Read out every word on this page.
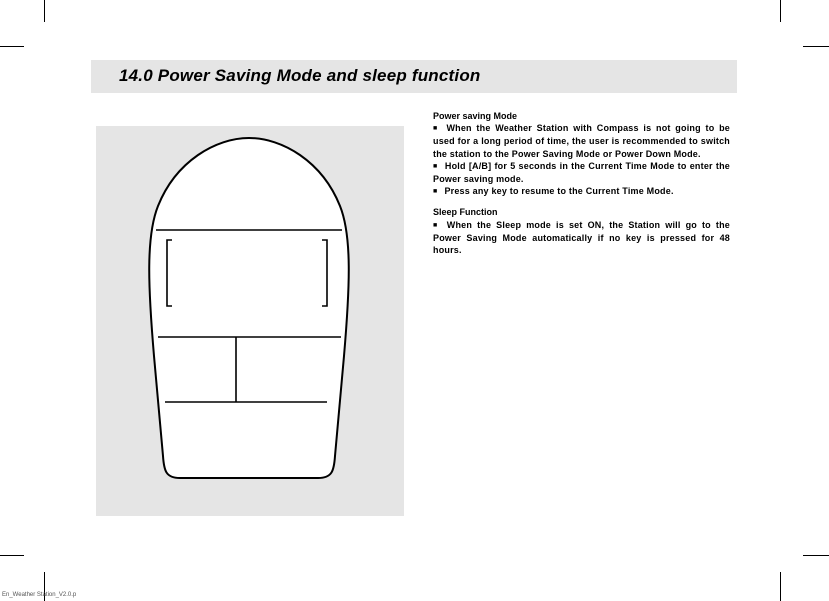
14.0 Power Saving Mode and sleep function

Power saving Mode

■ When the Weather Station with Compass is not going to be used for a long period of time, the user is recommended to switch the station to the Power Saving Mode or Power Down Mode.

■ Hold [A/B] for 5 seconds in the Current Time Mode to enter the Power saving mode.

■ Press any key to resume to the Current Time Mode.

Sleep Function

■ When the Sleep mode is set ON, the Station will go to the Power Saving Mode automatically if no key is pressed for 48 hours.

En_Weather Station_V2.0.p
